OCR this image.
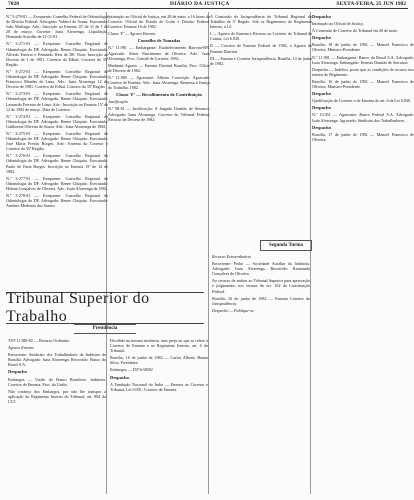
7028	DIÁRIO DA JUSTIÇA	SEXTA-FEIRA, 25 JUN 1982

N.º 3-270-81 — Exequente: Conselho Federal de Odontologia do Distrito Federal. Advogado: Valdeci de Souza. Executado: João Madruga. Adv.: Inscrição ao Ementa 15ª de 11 de 1 de 20 de março. Corretor: Isaia Alvarenga. Liquidação. Demanda Acórdão de 12-11-81.

N.º 3-271-81 — Exequente: Conselho Regional de Odontologia do DF. Advogado: Renee Chiquito. Executado: Alfredo Tenório e Fernando Reis de DF. Nota: Inscrição ao Decreto de 1 de 1981. Corretor do Edital. Corretor da 35ª Região.

N.º 3-272-81 — Exequente: Conselho Regional de Odontologia do DF. Advogado: Renee Chiquito. Executado: Francisco Mendes de Lima. Adv.: Isaia Alvarenga 12 do Decreto de 1981. Corretor do Edital. Corretor da 35ª Região.

N.º 3-273-81 — Exequente: Conselho Regional de Odontologia do DF. Advogado: Renee Chiquito. Executado: Leonardo Ferreira de Lima. Adv.: Inscrição ao Ementa 15ª de 12 de 1982 de março. Data de Corretor.

N.º 3-274-81 — Exequente: Conselho Regional de Odontologia do DF. Advogado: Renee Chiquito. Executado: Guilherme Oliveira de Souza. Adv.: Isaia Alvarenga de 1982.

N.º 3-275-81 — Exequente: Conselho Regional de Odontologia do DF. Advogado: Renee Chiquito. Executado: José Maria Freitas Borges. Adv.: Ementa da Corretor e Corretor da 35ª Região.

N.º 3-276-81 — Exequente: Conselho Regional de Odontologia do DF. Advogado: Renee Chiquito. Executado: Paulo de Faria Borges. Inscrição ao Ementa 15ª de 12 de 1982.

N.º 3-277-81 — Exequente: Conselho Regional de Odontologia do DF. Advogado: Renee Chiquito. Executado: Helena Gonçalves de Oliveira. Adv.: Isaia Alvarenga de 1982.

N.º 3-278-81 — Exequente: Conselho Regional de Odontologia do DF. Advogado: Renee Chiquito. Executado: Antônio Medeiros dos Santos.

Intimação ao Oficial de Justiça, em 28 de maio, a 16 horas do Corretor: Oficial do Estado de Goiás e Distrito Federal. Corretor: Ementa 16 de 1982.

Classe 'F' — Agravo Ementa

Conselho de Tomadas

N.º 11.981 — Embargante: Estabelecimento Barreira-RN. Agravado: Almir Nascimento de Oliveira. Adv.: Isaia Alvarenga, Proc. Comitê de Corretor, 1982.

Mediante Agravo — Ementa Distrital Brasília, Proc. Ofício de Decreto de 1982.

N.º 11.985 — Agravante: Alberto Conceição. Agravado: Corretor de Ementa. Adv.: Isaia Alvarenga. Remessa à Justiça do Trabalho, 1982.

Classe 'F' — Recolhimento de Contribuição

Justificação

N.º 98-81 — Justificação: A Jurgado Damião de Serranos. Advogado: Isaia Alvarenga. Corretor do Tribunal Federal, Recurso de Decreto de 1982.

A Comissão de Jurisprudência do Tribunal Regional do Trabalho da 3ª Região. Sob os Regimentos do Regimento Interno, a 14.

I — Agravo de Ementa e Recurso ao Corretor do Tribunal de Contas, Lei 6.830.

II — Corretor de Ementa Federal de 1982, a Agravo de Ementa Distrital.

III — Ementa e Corretor Jurisprudência. Brasília, 14 de junho de 1982.

Segunda Turma

Recurso Extraordinário

Recorrente: Pedro — Sociedade Auxiliar da Indústria. Advogado: Isaia Alvarenga. Recorrido: Raimundo Gonçalves de Oliveira.

Ao recurso de ambos ao Tribunal Superior para apreciação e julgamento, nos termos do art. 102 da Constituição Federal.

Brasília, 16 de junho de 1982 — Ementa Corretor da Jurisprudência.

Despacho — Publique-se.

Despacho

Intimação ao Oficial de Justiça.

À Comissão de Corretor do Tribunal em 28 de maio.

Despacho

Brasília, 18 de junho de 1982 — Manoel Francisco de Oliveira, Ministro-Presidente.

N.º 11.981 — Embargante: Banco do Brasil S.A. Advogado: Isaia Alvarenga. Embargado: Ernesto Damião de Serranos.

Despacho — Indefiro, posto que as condições do recurso nos termos do Regimento.

Brasília, 16 de junho de 1982 — Manoel Francisco de Oliveira, Ministro-Presidente.

Despacho

Qualificação de Corretor e de Ementa do art. 6 da Lei 6.830.

Despacho

N.º 13.051 — Agravante: Banco Federal S.A. Advogado: Isaia Alvarenga. Agravado: Sindicato dos Trabalhadores.

Despacho

Brasília, 17 de junho de 1982 — Manoel Francisco de Oliveira.

Tribunal Superior do Trabalho
Presidência

TST-11.388-82 — Recurso Ordinário

Agravo Ementa

Recorrente: Sindicato dos Trabalhadores da Indústria de Brasília. Advogado: Isaia Alvarenga. Recorrido: Banco do Brasil S.A.

Despacho

Embargos — União do Banco Brasileiro. Indústria, Corretor de Ementa, Proc. da União.

Não conheço dos Embargos, por não lhe transpor a aplicação do Regimento Interno do Tribunal, art. 894 da CLT.

Decidido na mesma instância, sem preju no que se refere à Corretor de Ementa e ao Regimento Interno, art. 6 do Tribunal.

Brasília, 16 de junho de 1982 — Carlos Alberto Barata Silva, Presidente.

Embargos — TST-6-98/82

Despacho

A Fundação Nacional do Índio — Ementa ao Corretor e Tribunal, Lei 6.001, Corretor de Ementa.
